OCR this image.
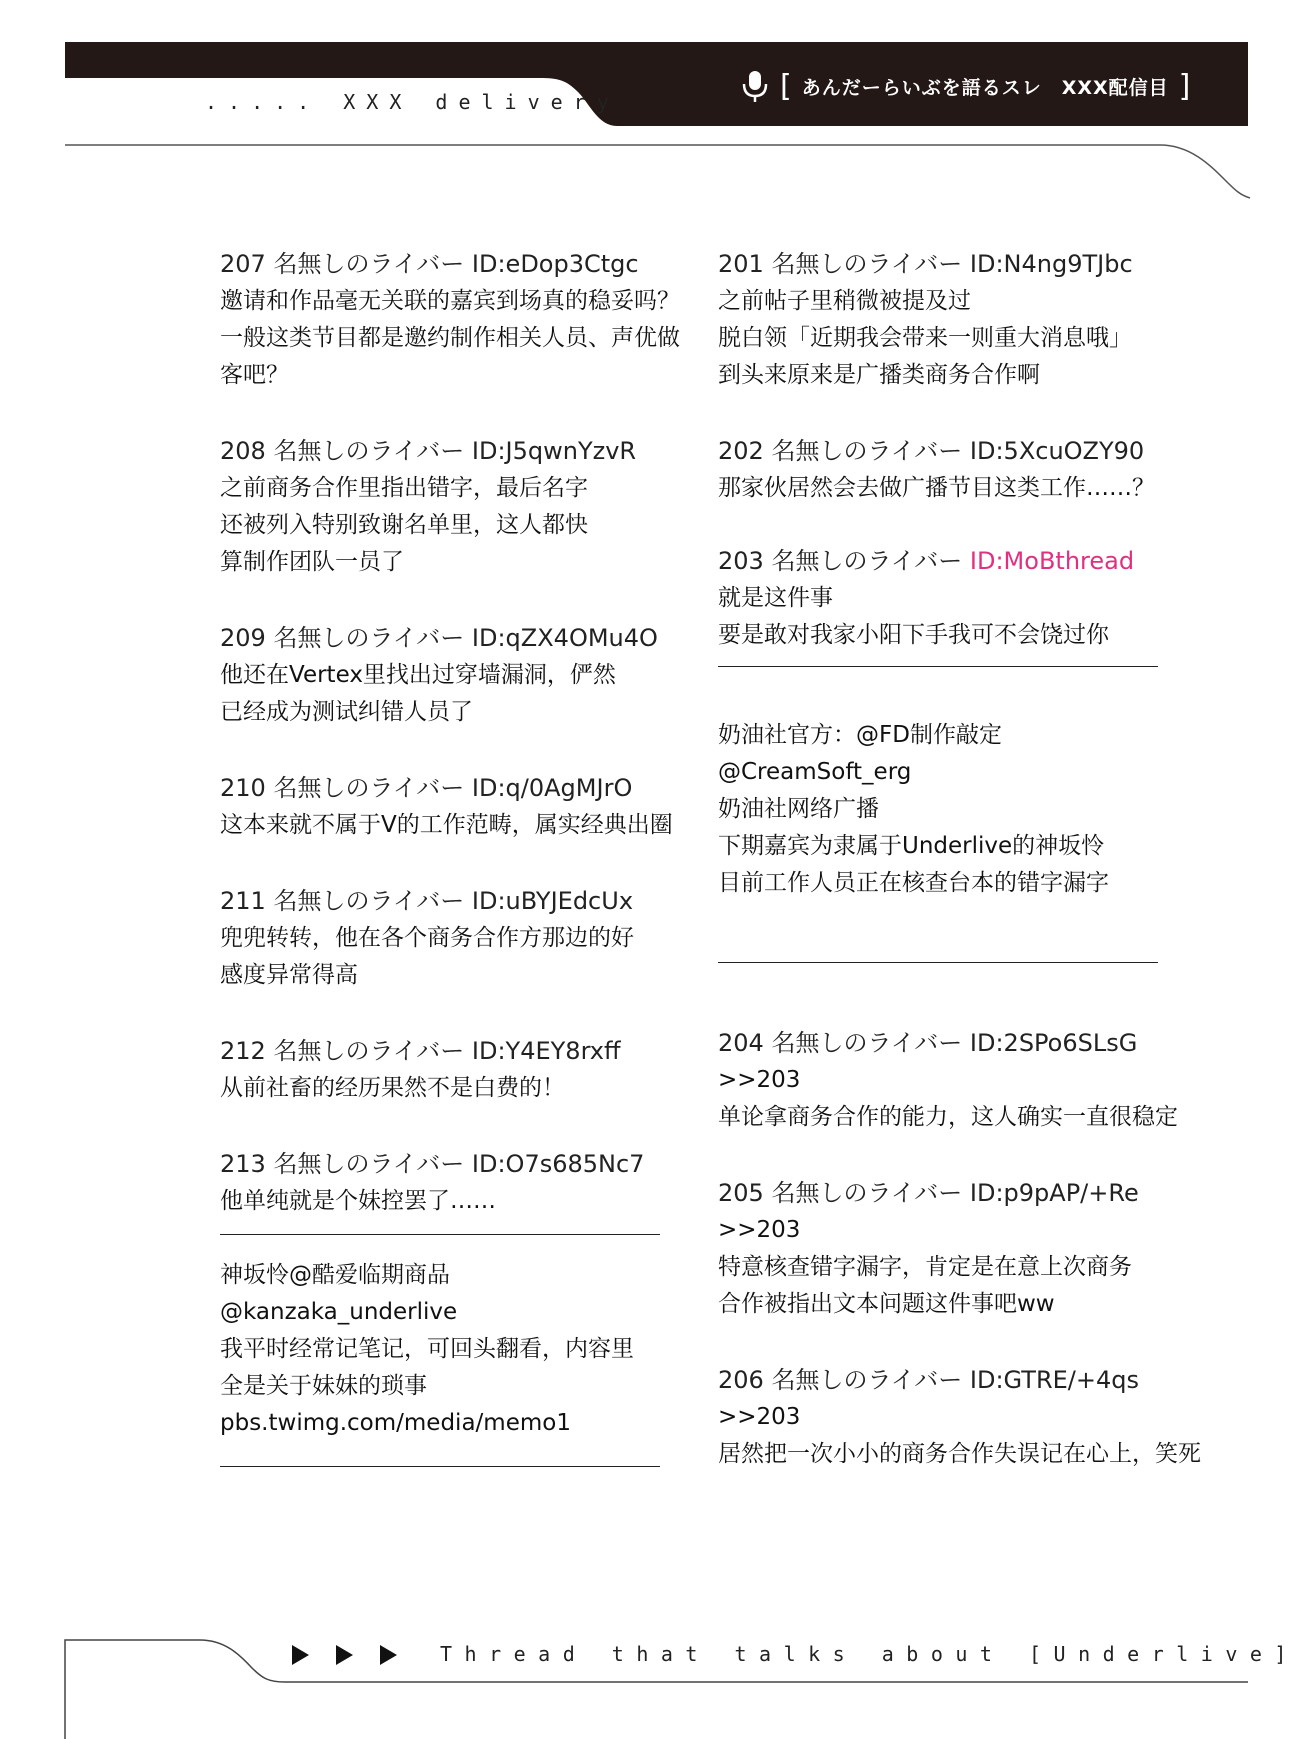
..... XXX delivery	[ あんだーらいぶを語るスレ　XXX配信目 ]
207 名無しのライバー ID:eDop3Ctgc
邀请和作品毫无关联的嘉宾到场真的稳妥吗？
一般这类节目都是邀约制作相关人员、声优做
客吧？
208 名無しのライバー ID:J5qwnYzvR
之前商务合作里指出错字，最后名字
还被列入特别致谢名单里，这人都快
算制作团队一员了
209 名無しのライバー ID:qZX4OMu4O
他还在Vertex里找出过穿墙漏洞，俨然
已经成为测试纠错人员了
210 名無しのライバー ID:q/0AgMJrO
这本来就不属于V的工作范畴，属实经典出圈
211 名無しのライバー ID:uBYJEdcUx
兜兜转转，他在各个商务合作方那边的好
感度异常得高
212 名無しのライバー ID:Y4EY8rxff
从前社畜的经历果然不是白费的！
213 名無しのライバー ID:O7s685Nc7
他单纯就是个妹控罢了……
神坂怜@酷爱临期商品
@kanzaka_underlive
我平时经常记笔记，可回头翻看，内容里
全是关于妹妹的琐事
pbs.twimg.com/media/memo1
201 名無しのライバー ID:N4ng9TJbc
之前帖子里稍微被提及过
脱白领「近期我会带来一则重大消息哦」
到头来原来是广播类商务合作啊
202 名無しのライバー ID:5XcuOZY90
那家伙居然会去做广播节目这类工作……？
203 名無しのライバー ID:MoBthread
就是这件事
要是敢对我家小阳下手我可不会饶过你
奶油社官方：@FD制作敲定
@CreamSoft_erg
奶油社网络广播
下期嘉宾为隶属于Underlive的神坂怜
目前工作人员正在核查台本的错字漏字
204 名無しのライバー ID:2SPo6SLsG
>>203
单论拿商务合作的能力，这人确实一直很稳定
205 名無しのライバー ID:p9pAP/+Re
>>203
特意核查错字漏字，肯定是在意上次商务
合作被指出文本问题这件事吧ww
206 名無しのライバー ID:GTRE/+4qs
>>203
居然把一次小小的商务合作失误记在心上，笑死
Thread that talks about [Underlive]
